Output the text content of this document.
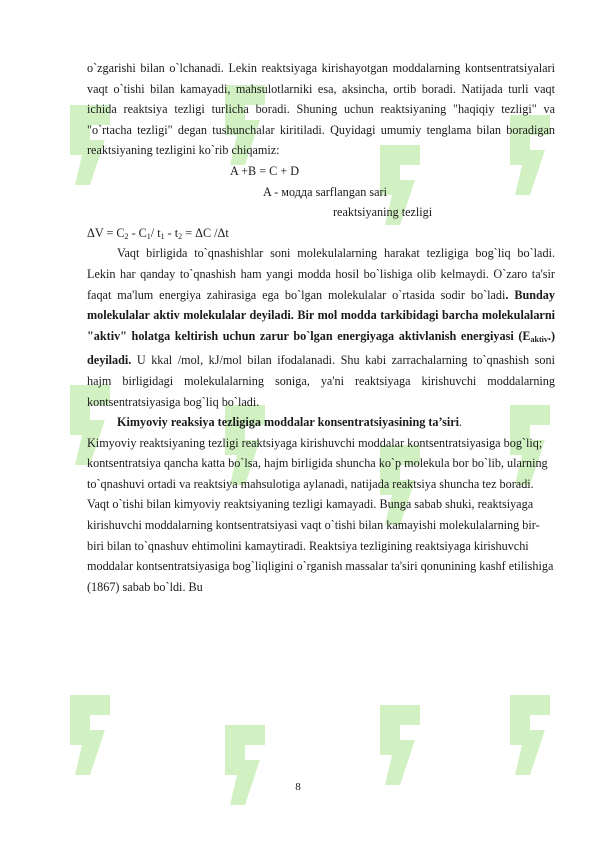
o`zgarishi bilan o`lchanadi. Lekin reaktsiyaga kirishayotgan moddalarning kontsentratsiyalari vaqt o`tishi bilan kamayadi, mahsulotlarniki esa, aksincha, ortib boradi. Natijada turli vaqt ichida reaktsiya tezligi turlicha boradi. Shuning uchun reaktsiyaning "haqiqiy tezligi" va "o`rtacha tezligi" degan tushunchalar kiritiladi. Quyidagi umumiy tenglama bilan boradigan reaktsiyaning tezligini ko`rib chiqamiz:

A +B = C + D
A - модда sarflangan sari
reaktsiyaning tezligi
$\Delta V = C_2 - C_1/$ $t_1 - t_2 = \Delta C$ /Δt

Vaqt birligida to`qnashishlar soni molekulalarning harakat tezligiga bog`liq bo`ladi. Lekin har qanday to`qnashish ham yangi modda hosil bo`lishiga olib kelmaydi. O`zaro ta'sir faqat ma'lum energiya zahirasiga ega bo`lgan molekulalar o`rtasida sodir bo`ladi. Bunday molekulalar aktiv molekulalar deyiladi. Bir mol modda tarkibidagi barcha molekulalarni "aktiv" holatga keltirish uchun zarur bo`lgan energiyaga aktivlanish energiyasi $(E_{aktiv}.)$ deyiladi. U kkal /mol, kJ/mol bilan ifodalanadi. Shu kabi zarrachalarning to`qnashish soni hajm birligidagi molekulalarning soniga, ya'ni reaktsiyaga kirishuvchi moddalarning kontsentratsiyasiga bog`liq bo`ladi.

Kimyoviy reaksiya tezligiga moddalar konsentratsiyasining ta’siri.

Kimyoviy reaktsiyaning tezligi reaktsiyaga kirishuvchi moddalar kontsentratsiyasiga bog`liq; kontsentratsiya qancha katta bo`lsa, hajm birligida shuncha ko`p molekula bor bo`lib, ularning to`qnashuvi ortadi va reaktsiya mahsulotiga aylanadi, natijada reaktsiya shuncha tez boradi. Vaqt o`tishi bilan kimyoviy reaktsiyaning tezligi kamayadi. Bunga sabab shuki, reaktsiyaga kirishuvchi moddalarning kontsentratsiyasi vaqt o`tishi bilan kamayishi molekulalarning bir-biri bilan to`qnashuv ehtimolini kamaytiradi. Reaktsiya tezligining reaktsiyaga kirishuvchi moddalar kontsentratsiyasiga bog`liqligini o`rganish massalar ta'siri qonunining kashf etilishiga (1867) sabab bo`ldi. Bu

8
